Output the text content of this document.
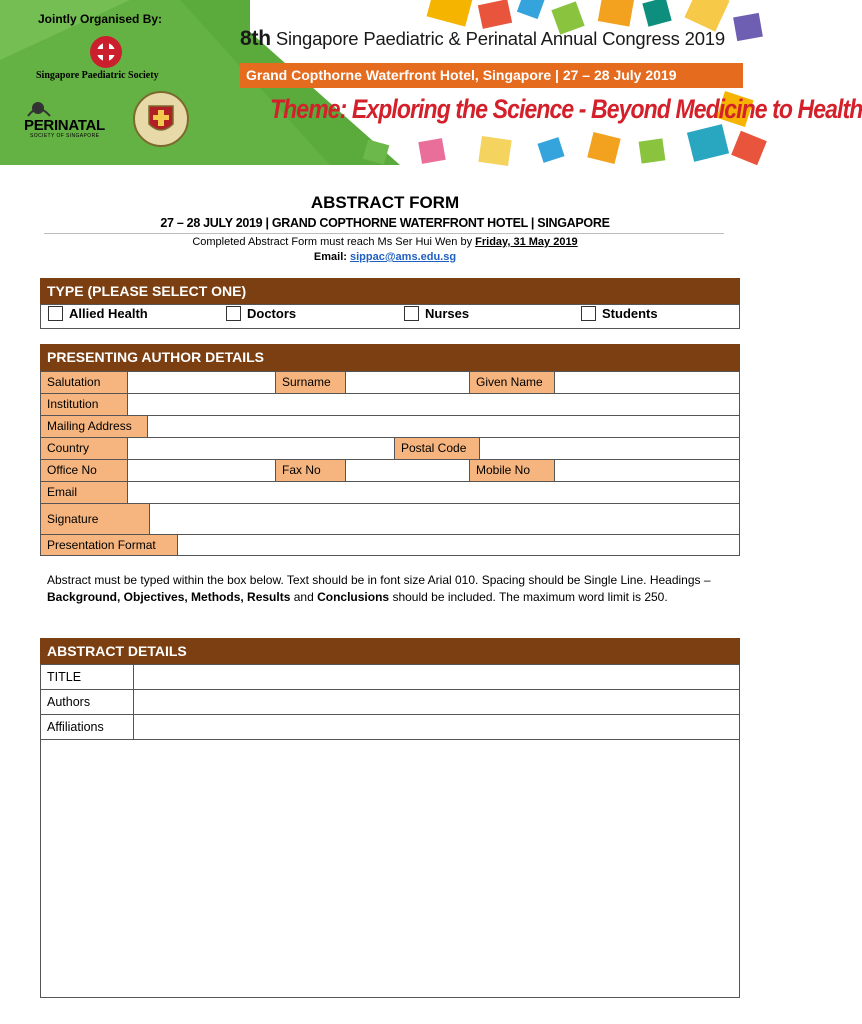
Jointly Organised By:
Singapore Paediatric Society
PERINATAL
SOCIETY OF SINGAPORE
8th Singapore Paediatric & Perinatal Annual Congress 2019
Grand Copthorne Waterfront Hotel, Singapore | 27 – 28 July 2019
Theme: Exploring the Science - Beyond Medicine to Health
ABSTRACT FORM
27 – 28 JULY 2019 | GRAND COPTHORNE WATERFRONT HOTEL | SINGAPORE
Completed Abstract Form must reach Ms Ser Hui Wen by Friday, 31 May 2019
Email: sippac@ams.edu.sg
TYPE (PLEASE SELECT ONE)
Allied Health	Doctors	Nurses	Students
PRESENTING AUTHOR DETAILS
Salutation	Surname	Given Name
Institution
Mailing Address
Country	Postal Code
Office No	Fax No	Mobile No
Email
Signature
Presentation Format
Abstract must be typed within the box below. Text should be in font size Arial 010. Spacing should be Single Line. Headings – Background, Objectives, Methods, Results and Conclusions should be included. The maximum word limit is 250.
ABSTRACT DETAILS
TITLE
Authors
Affiliations
